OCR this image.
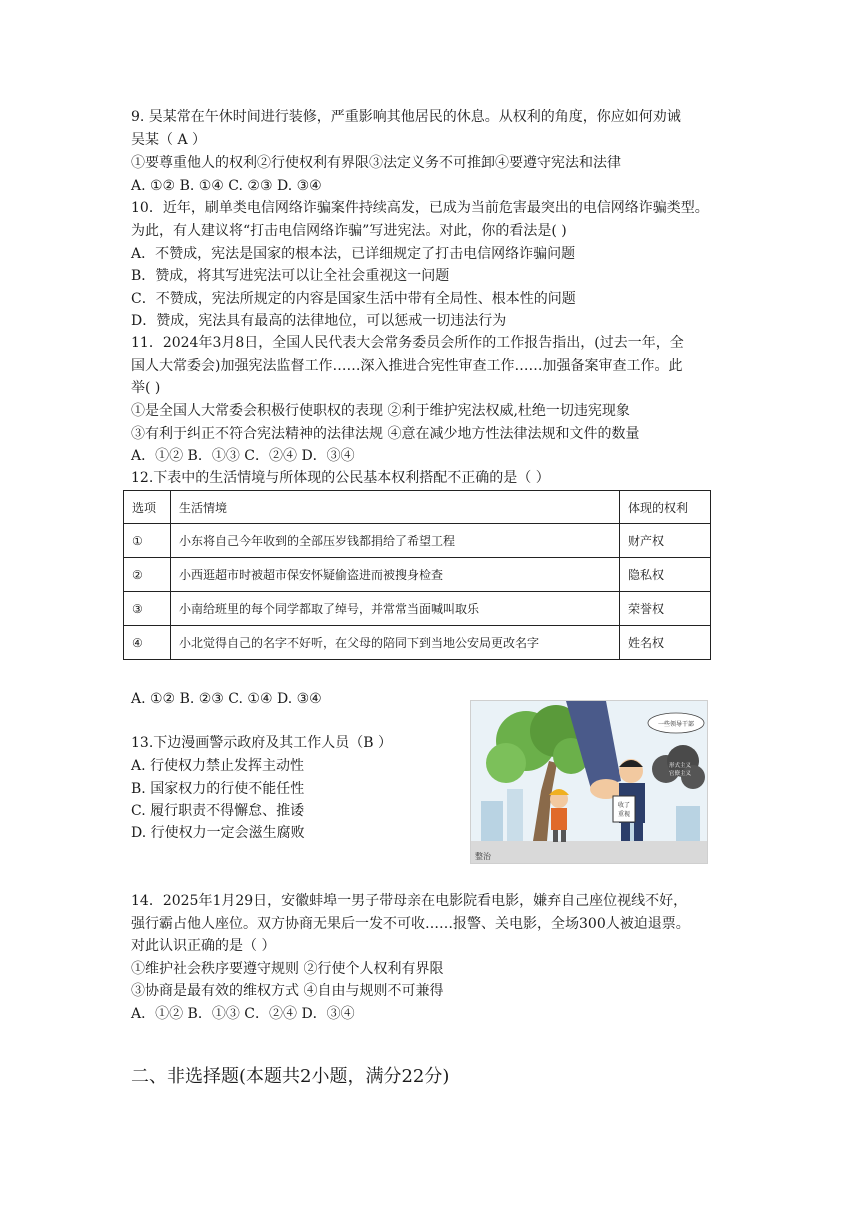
9. 吴某常在午休时间进行装修，严重影响其他居民的休息。从权利的角度，你应如何劝诫
吴某（ A ）
①要尊重他人的权利②行使权利有界限③法定义务不可推卸④要遵守宪法和法律
A. ①② B. ①④ C. ②③ D. ③④
10．近年，刷单类电信网络诈骗案件持续高发，已成为当前危害最突出的电信网络诈骗类型。
为此，有人建议将“打击电信网络诈骗”写进宪法。对此，你的看法是( )
A．不赞成，宪法是国家的根本法，已详细规定了打击电信网络诈骗问题
B．赞成，将其写进宪法可以让全社会重视这一问题
C．不赞成，宪法所规定的内容是国家生活中带有全局性、根本性的问题
D．赞成，宪法具有最高的法律地位，可以惩戒一切违法行为
11．2024年3月8日，全国人民代表大会常务委员会所作的工作报告指出，(过去一年，全
国人大常委会)加强宪法监督工作……深入推进合宪性审查工作……加强备案审查工作。此
举( )
①是全国人大常委会积极行使职权的表现 ②利于维护宪法权威,杜绝一切违宪现象
③有利于纠正不符合宪法精神的法律法规 ④意在减少地方性法律法规和文件的数量
A．①② B．①③ C．②④ D．③④
12.下表中的生活情境与所体现的公民基本权利搭配不正确的是（ ）
选项	生活情境	体现的权利
①	小东将自己今年收到的全部压岁钱都捐给了希望工程	财产权
②	小西逛超市时被超市保安怀疑偷盗进而被搜身检查	隐私权
③	小南给班里的每个同学都取了绰号，并常常当面喊叫取乐	荣誉权
④	小北觉得自己的名字不好听，在父母的陪同下到当地公安局更改名字	姓名权
A. ①② B. ②③ C. ①④ D. ③④
13.下边漫画警示政府及其工作人员（B ）
A. 行使权力禁止发挥主动性
B. 国家权力的行使不能任性
C. 履行职责不得懈怠、推诿
D. 行使权力一定会滋生腐败
收了
重视
一些领导干部
形式主义
官僚主义
整治
14．2025年1月29日，安徽蚌埠一男子带母亲在电影院看电影，嫌弃自己座位视线不好，
强行霸占他人座位。双方协商无果后一发不可收……报警、关电影，全场300人被迫退票。
对此认识正确的是（ ）
①维护社会秩序要遵守规则 ②行使个人权利有界限
③协商是最有效的维权方式 ④自由与规则不可兼得
A．①② B．①③ C．②④ D．③④
二、非选择题(本题共2小题，满分22分)
